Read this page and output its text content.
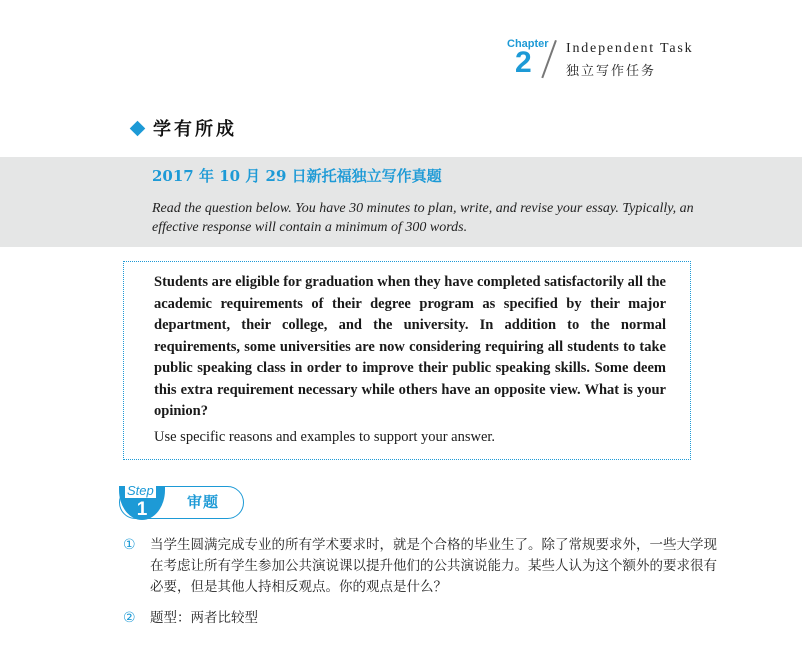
Chapter
2 Independent Task
独立写作任务
学有所成
2017 年 10 月 29 日新托福独立写作真题

Read the question below. You have 30 minutes to plan, write, and revise your essay. Typically, an effective response will contain a minimum of 300 words.

Students are eligible for graduation when they have completed satisfactorily all the academic requirements of their degree program as specified by their major department, their college, and the university. In addition to the normal requirements, some universities are now considering requiring all students to take public speaking class in order to improve their public speaking skills. Some deem this extra requirement necessary while others have an opposite view. What is your opinion?

Use specific reasons and examples to support your answer.

Step
1	审题
① 当学生圆满完成专业的所有学术要求时，就是个合格的毕业生了。除了常规要求外，一些大学现在考虑让所有学生参加公共演说课以提升他们的公共演说能力。某些人认为这个额外的要求很有必要，但是其他人持相反观点。你的观点是什么？

② 题型：两者比较型
